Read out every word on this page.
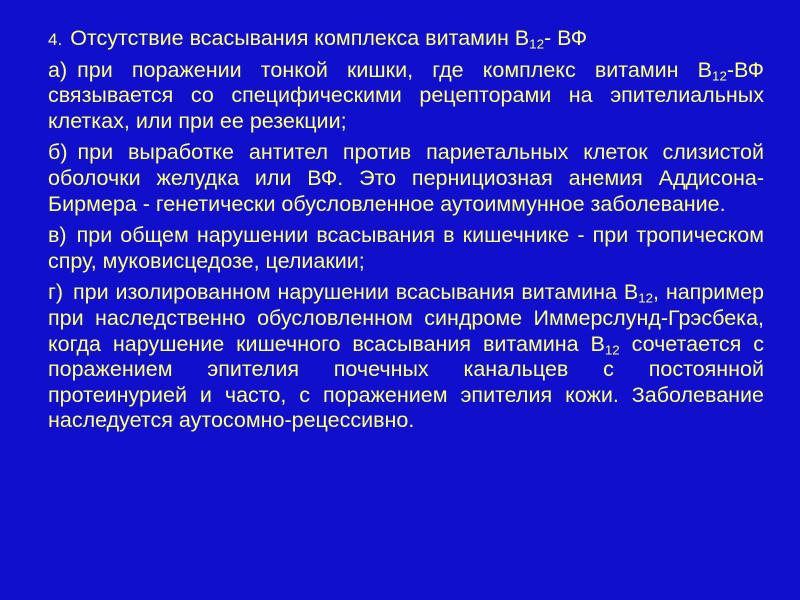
4. Отсутствие всасывания комплекса витамин $В_{12}-$ ВФ

а) при поражении тонкой кишки, где комплекс витамин $В_{12}-ВФ$ связывается со специфическими рецепторами на эпителиальных клетках, или при ее резекции;

б) при выработке антител против париетальных клеток слизистой оболочки желудка или ВФ. Это пернициозная анемия Аддисона-Бирмера - генетически обусловленное аутоиммунное заболевание.

в) при общем нарушении всасывания в кишечнике - при тропическом спру, муковисцедозе, целиакии;

г) при изолированном нарушении всасывания витамина $В_{12}$, например при наследственно обусловленном синдроме Иммерслунд-Грэсбека, когда нарушение кишечного всасывания витамина $В_{12}$ сочетается с поражением эпителия почечных канальцев с постоянной протеинурией и часто, с поражением эпителия кожи. Заболевание наследуется аутосомно-рецессивно.
